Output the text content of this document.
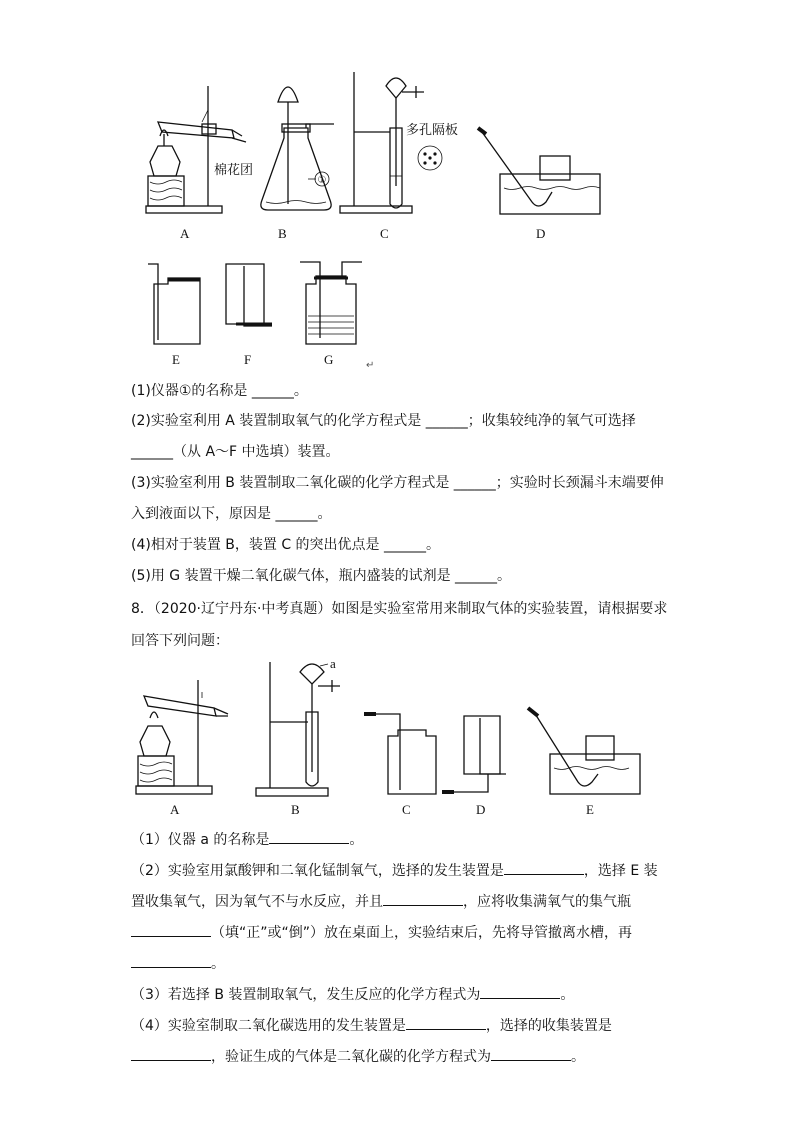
棉花团
①
多孔隔板
A	B	C	D
E	F	G	↵
(1)仪器①的名称是 ______。
(2)实验室利用 A 装置制取氧气的化学方程式是 ______；收集较纯净的氧气可选择
______（从 A～F 中选填）装置。
(3)实验室利用 B 装置制取二氧化碳的化学方程式是 ______；实验时长颈漏斗末端要伸
入到液面以下，原因是 ______。
(4)相对于装置 B，装置 C 的突出优点是 ______。
(5)用 G 装置干燥二氧化碳气体，瓶内盛装的试剂是 ______。
8．（2020·辽宁丹东·中考真题）如图是实验室常用来制取气体的实验装置，请根据要求
回答下列问题：
a
A	B	C	D	E
（1）仪器 a 的名称是	。
（2）实验室用氯酸钾和二氧化锰制氧气，选择的发生装置是	，选择 E 装
置收集氧气，因为氧气不与水反应，并且	，应将收集满氧气的集气瓶
（填“正”或“倒”）放在桌面上，实验结束后，先将导管撤离水槽，再
。
（3）若选择 B 装置制取氧气，发生反应的化学方程式为	。
（4）实验室制取二氧化碳选用的发生装置是	，选择的收集装置是
，验证生成的气体是二氧化碳的化学方程式为	。
